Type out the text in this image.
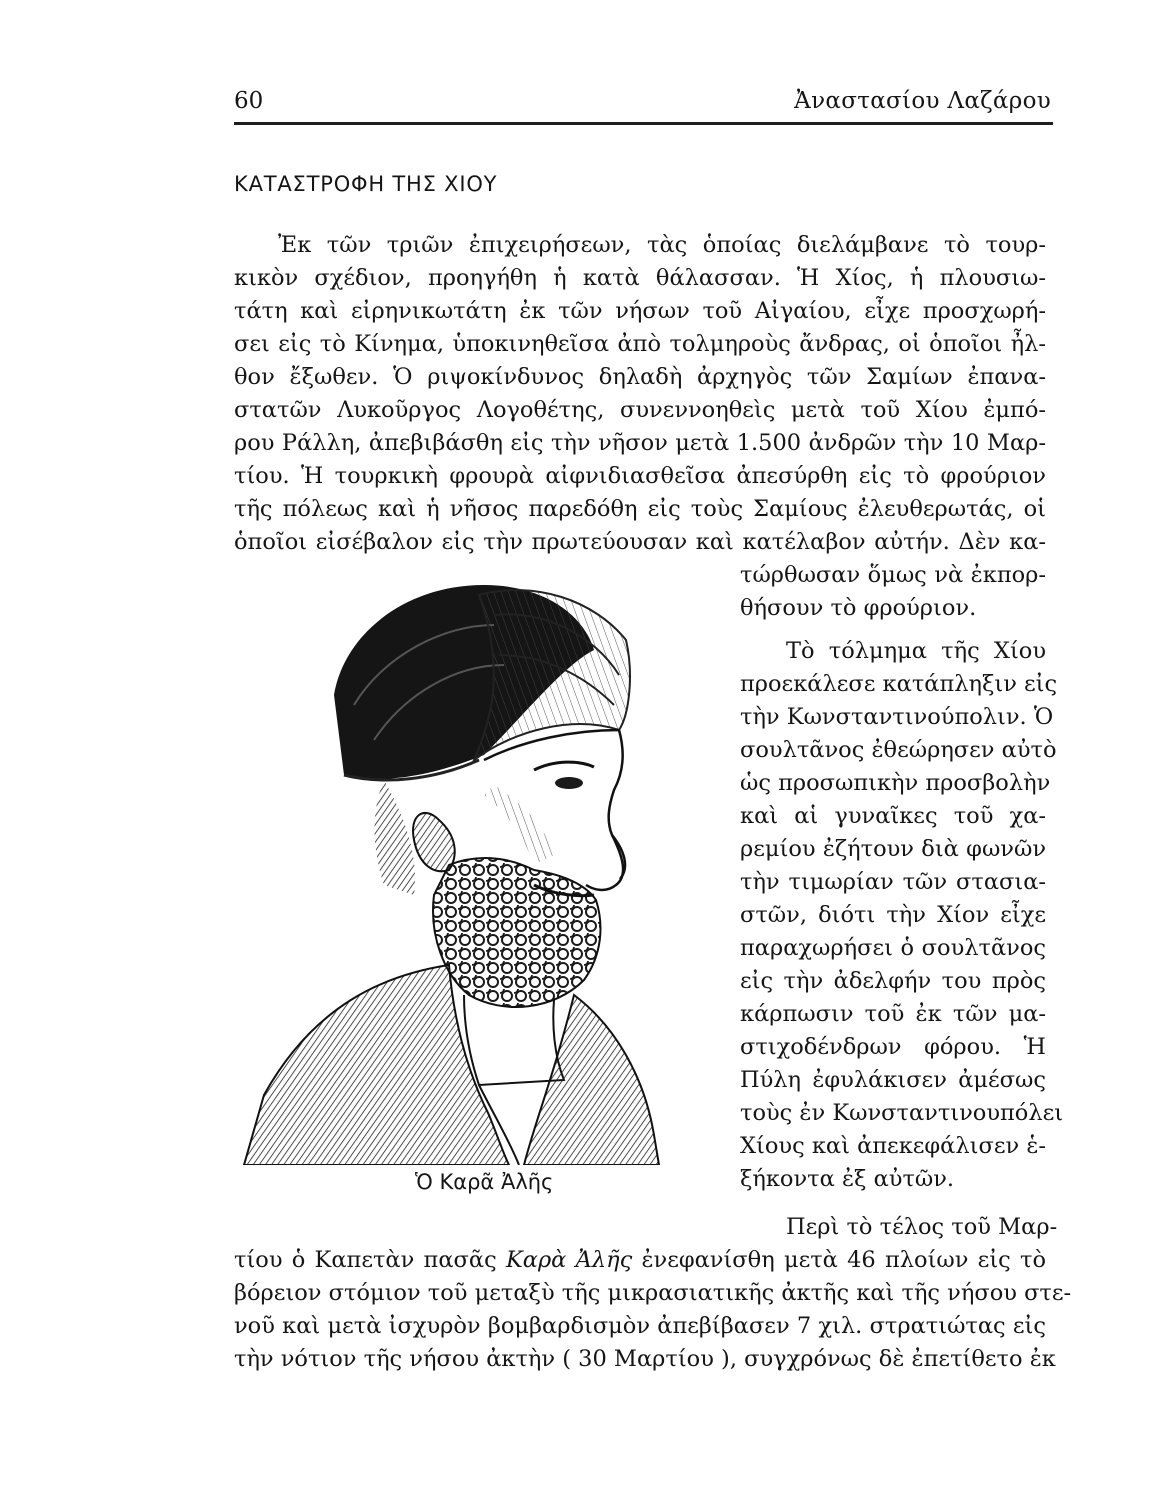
60	Ἀναστασίου Λαζάρου
ΚΑΤΑΣΤΡΟΦΗ ΤΗΣ ΧΙΟΥ
Ἐκ τῶν τριῶν ἐπιχειρήσεων, τὰς ὁποίας διελάμβανε τὸ τουρ-
κικὸν σχέδιον, προηγήθη ἡ κατὰ θάλασσαν. Ἡ Χίος, ἡ πλουσιω-
τάτη καὶ εἰρηνικωτάτη ἐκ τῶν νήσων τοῦ Αἰγαίου, εἶχε προσχωρή-
σει εἰς τὸ Κίνημα, ὑποκινηθεῖσα ἀπὸ τολμηροὺς ἄνδρας, οἱ ὁποῖοι ἦλ-
θον ἔξωθεν. Ὁ ριψοκίνδυνος δηλαδὴ ἀρχηγὸς τῶν Σαμίων ἐπανα-
στατῶν Λυκοῦργος Λογοθέτης, συνεννοηθεὶς μετὰ τοῦ Χίου ἐμπό-
ρου Ράλλη, ἀπεβιβάσθη εἰς τὴν νῆσον μετὰ 1.500 ἀνδρῶν τὴν 10 Μαρ-
τίου. Ἡ τουρκικὴ φρουρὰ αἰφνιδιασθεῖσα ἀπεσύρθη εἰς τὸ φρούριον
τῆς πόλεως καὶ ἡ νῆσος παρεδόθη εἰς τοὺς Σαμίους ἐλευθερωτάς, οἱ
ὁποῖοι εἰσέβαλον εἰς τὴν πρωτεύουσαν καὶ κατέλαβον αὐτήν. Δὲν κα-
τώρθωσαν ὅμως νὰ ἐκπορ-
θήσουν τὸ φρούριον.
Τὸ τόλμημα τῆς Χίου
προεκάλεσε κατάπληξιν εἰς
τὴν Κωνσταντινούπολιν. Ὁ
σουλτᾶνος ἐθεώρησεν αὐτὸ
ὡς προσωπικὴν προσβολὴν
καὶ αἱ γυναῖκες τοῦ χα-
ρεμίου ἐζήτουν διὰ φωνῶν
τὴν τιμωρίαν τῶν στασια-
στῶν, διότι τὴν Χίον εἶχε
παραχωρήσει ὁ σουλτᾶνος
εἰς τὴν ἀδελφήν του πρὸς
κάρπωσιν τοῦ ἐκ τῶν μα-
στιχοδένδρων φόρου. Ἡ
Πύλη ἐφυλάκισεν ἀμέσως
τοὺς ἐν Κωνσταντινουπόλει
Χίους καὶ ἀπεκεφάλισεν ἑ-
ξήκοντα ἐξ αὐτῶν.
Ὁ Καρᾶ Ἀλῆς
Περὶ τὸ τέλος τοῦ Μαρ-
τίου ὁ Καπετὰν πασᾶς Καρὰ Ἀλῆς ἐνεφανίσθη μετὰ 46 πλοίων εἰς τὸ
βόρειον στόμιον τοῦ μεταξὺ τῆς μικρασιατικῆς ἀκτῆς καὶ τῆς νήσου στε-
νοῦ καὶ μετὰ ἰσχυρὸν βομβαρδισμὸν ἀπεβίβασεν 7 χιλ. στρατιώτας εἰς
τὴν νότιον τῆς νήσου ἀκτὴν ( 30 Μαρτίου ), συγχρόνως δὲ ἐπετίθετο ἐκ
